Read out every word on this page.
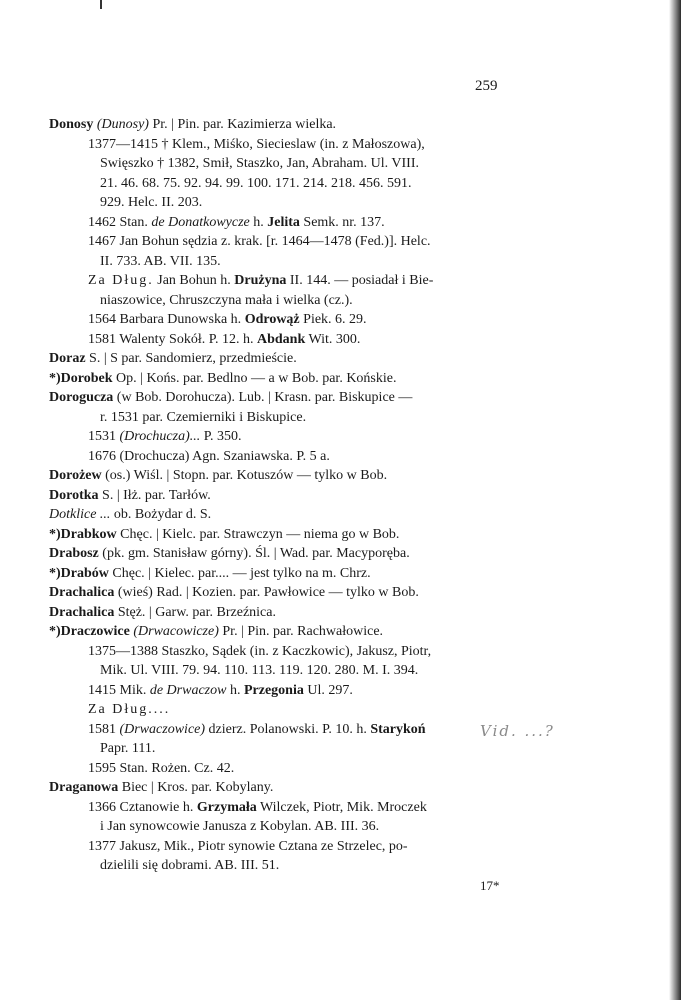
259
Donosy (Dunosy) Pr. | Pin. par. Kazimierza wielka.
1377—1415 † Klem., Miśko, Siecieslaw (in. z Małoszowa),
Swięszko † 1382, Smił, Staszko, Jan, Abraham. Ul. VIII.
21. 46. 68. 75. 92. 94. 99. 100. 171. 214. 218. 456. 591.
929. Helc. II. 203.
1462 Stan. de Donatkowycze h. Jelita Semk. nr. 137.
1467 Jan Bohun sędzia z. krak. [r. 1464—1478 (Fed.)]. Helc.
II. 733. AB. VII. 135.
Za Dług. Jan Bohun h. Drużyna II. 144. — posiadał i Bie-
niaszowice, Chruszczyna mała i wielka (cz.).
1564 Barbara Dunowska h. Odrowąż Piek. 6. 29.
1581 Walenty Sokół. P. 12. h. Abdank Wit. 300.
Doraz S. | S par. Sandomierz, przedmieście.
*)Dorobek Op. | Końs. par. Bedlno — a w Bob. par. Końskie.
Dorogucza (w Bob. Dorohucza). Lub. | Krasn. par. Biskupice —
r. 1531 par. Czemierniki i Biskupice.
1531 (Drochucza)... P. 350.
1676 (Drochucza) Agn. Szaniawska. P. 5 a.
Dorożew (os.) Wiśl. | Stopn. par. Kotuszów — tylko w Bob.
Dorotka S. | Iłż. par. Tarłów.
Dotklice ... ob. Bożydar d. S.
*)Drabkow Chęc. | Kielc. par. Strawczyn — niema go w Bob.
Drabosz (pk. gm. Stanisław górny). Śl. | Wad. par. Macyporęba.
*)Drabów Chęc. | Kielec. par.... — jest tylko na m. Chrz.
Drachalica (wieś) Rad. | Kozien. par. Pawłowice — tylko w Bob.
Drachalica Stęż. | Garw. par. Brzeźnica.
*)Draczowice (Drwacowicze) Pr. | Pin. par. Rachwałowice.
1375—1388 Staszko, Sądek (in. z Kaczkowic), Jakusz, Piotr,
Mik. Ul. VIII. 79. 94. 110. 113. 119. 120. 280. M. I. 394.
1415 Mik. de Drwaczow h. Przegonia Ul. 297.
Za Dług....
1581 (Drwaczowice) dzierz. Polanowski. P. 10. h. Starykoń
Papr. 111.
1595 Stan. Rożen. Cz. 42.
Draganowa Biec | Kros. par. Kobylany.
1366 Cztanowie h. Grzymała Wilczek, Piotr, Mik. Mroczek
i Jan synowcowie Janusza z Kobylan. AB. III. 36.
1377 Jakusz, Mik., Piotr synowie Cztana ze Strzelec, po-
dzielili się dobrami. AB. III. 51.
Vid. ...?
17*
